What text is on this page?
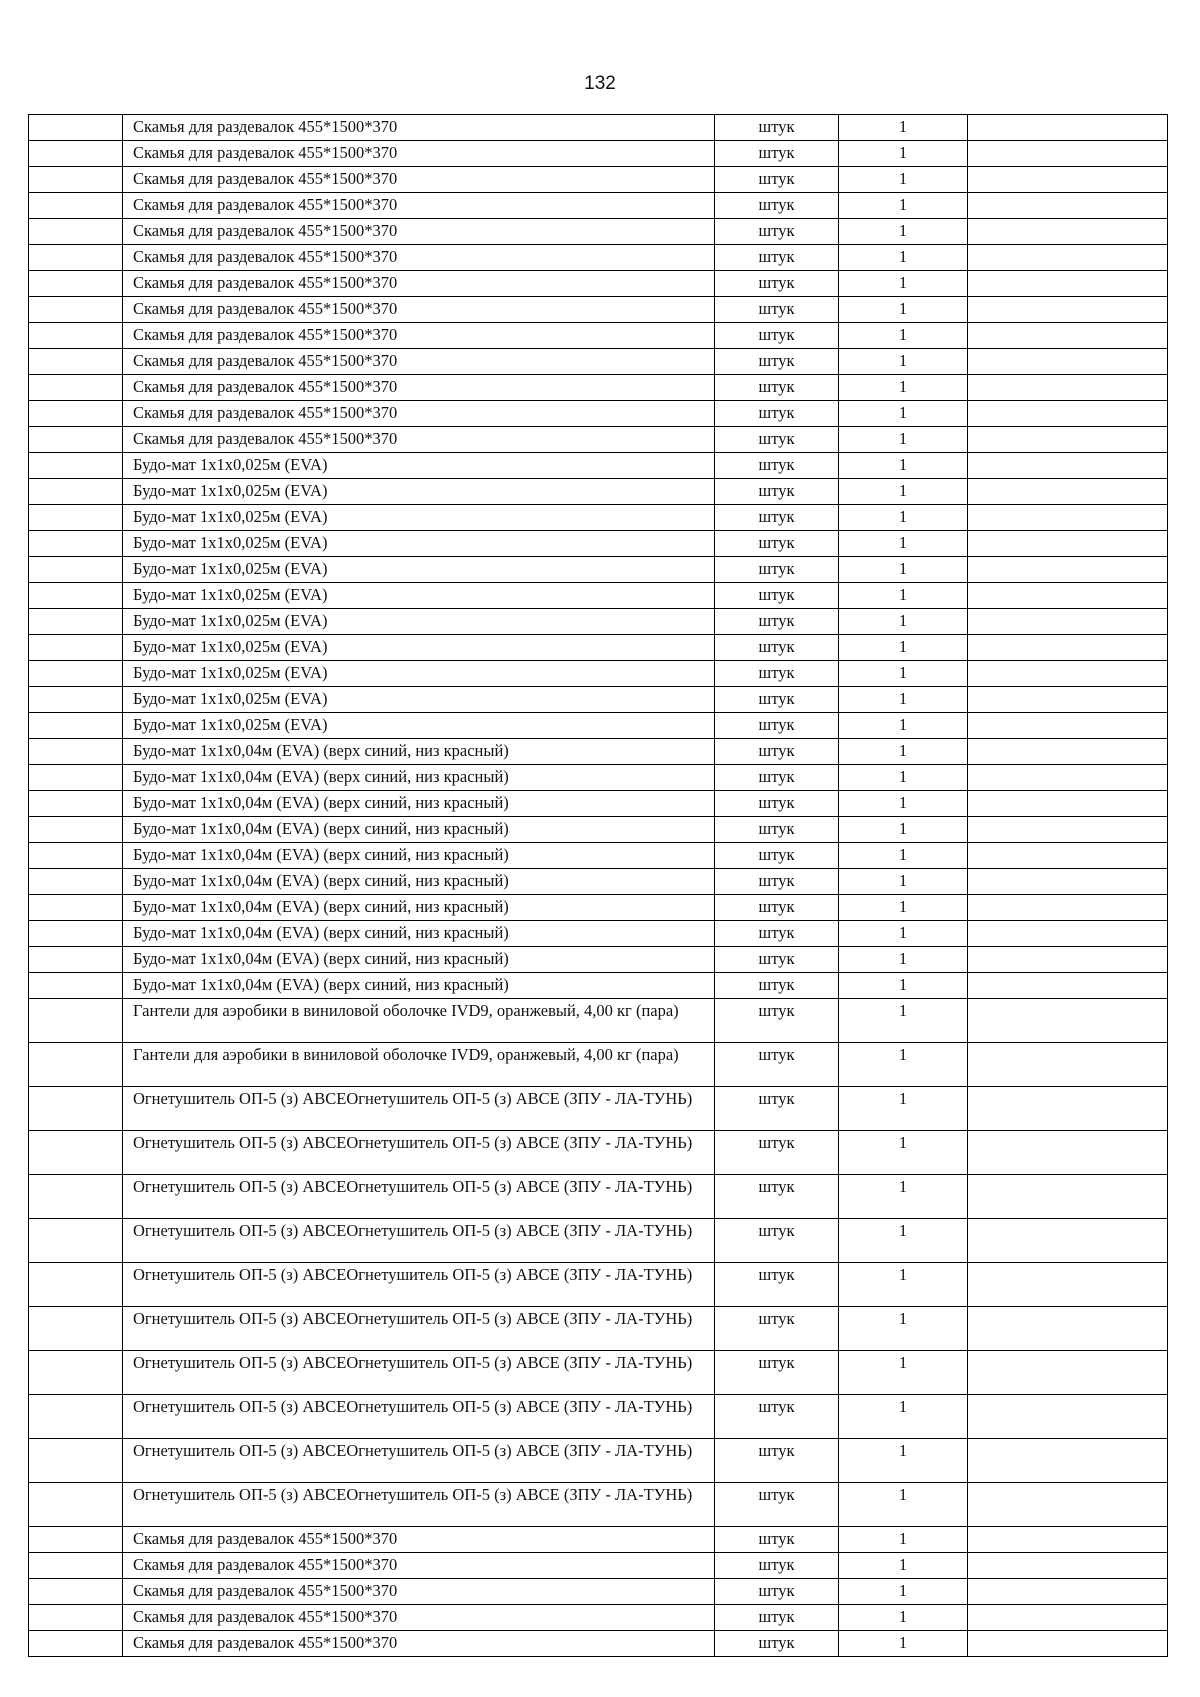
132
	Скамья для раздевалок 455*1500*370	штук	1	
	Скамья для раздевалок 455*1500*370	штук	1	
	Скамья для раздевалок 455*1500*370	штук	1	
	Скамья для раздевалок 455*1500*370	штук	1	
	Скамья для раздевалок 455*1500*370	штук	1	
	Скамья для раздевалок 455*1500*370	штук	1	
	Скамья для раздевалок 455*1500*370	штук	1	
	Скамья для раздевалок 455*1500*370	штук	1	
	Скамья для раздевалок 455*1500*370	штук	1	
	Скамья для раздевалок 455*1500*370	штук	1	
	Скамья для раздевалок 455*1500*370	штук	1	
	Скамья для раздевалок 455*1500*370	штук	1	
	Скамья для раздевалок 455*1500*370	штук	1	
	Будо-мат 1х1х0,025м (EVA)	штук	1	
	Будо-мат 1х1х0,025м (EVA)	штук	1	
	Будо-мат 1х1х0,025м (EVA)	штук	1	
	Будо-мат 1х1х0,025м (EVA)	штук	1	
	Будо-мат 1х1х0,025м (EVA)	штук	1	
	Будо-мат 1х1х0,025м (EVA)	штук	1	
	Будо-мат 1х1х0,025м (EVA)	штук	1	
	Будо-мат 1х1х0,025м (EVA)	штук	1	
	Будо-мат 1х1х0,025м (EVA)	штук	1	
	Будо-мат 1х1х0,025м (EVA)	штук	1	
	Будо-мат 1х1х0,025м (EVA)	штук	1	
	Будо-мат 1х1х0,04м (EVA) (верх синий, низ красный)	штук	1	
	Будо-мат 1х1х0,04м (EVA) (верх синий, низ красный)	штук	1	
	Будо-мат 1х1х0,04м (EVA) (верх синий, низ красный)	штук	1	
	Будо-мат 1х1х0,04м (EVA) (верх синий, низ красный)	штук	1	
	Будо-мат 1х1х0,04м (EVA) (верх синий, низ красный)	штук	1	
	Будо-мат 1х1х0,04м (EVA) (верх синий, низ красный)	штук	1	
	Будо-мат 1х1х0,04м (EVA) (верх синий, низ красный)	штук	1	
	Будо-мат 1х1х0,04м (EVA) (верх синий, низ красный)	штук	1	
	Будо-мат 1х1х0,04м (EVA) (верх синий, низ красный)	штук	1	
	Будо-мат 1х1х0,04м (EVA) (верх синий, низ красный)	штук	1	
	Гантели для аэробики в виниловой оболочке IVD9, оранжевый, 4,00 кг (пара)	штук	1	
	Гантели для аэробики в виниловой оболочке IVD9, оранжевый, 4,00 кг (пара)	штук	1	
	Огнетушитель ОП-5 (з) АВСЕОгнетушитель ОП-5 (з) АВСЕ (ЗПУ - ЛА-ТУНЬ)	штук	1	
	Огнетушитель ОП-5 (з) АВСЕОгнетушитель ОП-5 (з) АВСЕ (ЗПУ - ЛА-ТУНЬ)	штук	1	
	Огнетушитель ОП-5 (з) АВСЕОгнетушитель ОП-5 (з) АВСЕ (ЗПУ - ЛА-ТУНЬ)	штук	1	
	Огнетушитель ОП-5 (з) АВСЕОгнетушитель ОП-5 (з) АВСЕ (ЗПУ - ЛА-ТУНЬ)	штук	1	
	Огнетушитель ОП-5 (з) АВСЕОгнетушитель ОП-5 (з) АВСЕ (ЗПУ - ЛА-ТУНЬ)	штук	1	
	Огнетушитель ОП-5 (з) АВСЕОгнетушитель ОП-5 (з) АВСЕ (ЗПУ - ЛА-ТУНЬ)	штук	1	
	Огнетушитель ОП-5 (з) АВСЕОгнетушитель ОП-5 (з) АВСЕ (ЗПУ - ЛА-ТУНЬ)	штук	1	
	Огнетушитель ОП-5 (з) АВСЕОгнетушитель ОП-5 (з) АВСЕ (ЗПУ - ЛА-ТУНЬ)	штук	1	
	Огнетушитель ОП-5 (з) АВСЕОгнетушитель ОП-5 (з) АВСЕ (ЗПУ - ЛА-ТУНЬ)	штук	1	
	Огнетушитель ОП-5 (з) АВСЕОгнетушитель ОП-5 (з) АВСЕ (ЗПУ - ЛА-ТУНЬ)	штук	1	
	Скамья для раздевалок 455*1500*370	штук	1	
	Скамья для раздевалок 455*1500*370	штук	1	
	Скамья для раздевалок 455*1500*370	штук	1	
	Скамья для раздевалок 455*1500*370	штук	1	
	Скамья для раздевалок 455*1500*370	штук	1	
